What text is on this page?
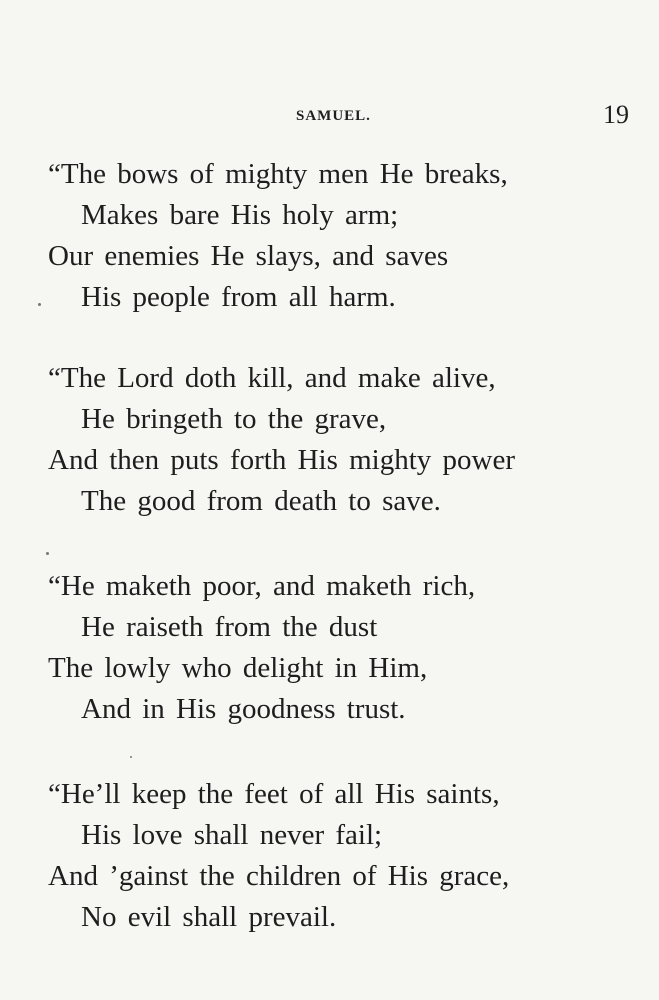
SAMUEL.	19
“The bows of mighty men He breaks,
Makes bare His holy arm;
Our enemies He slays, and saves
His people from all harm.
“The Lord doth kill, and make alive,
He bringeth to the grave,
And then puts forth His mighty power
The good from death to save.
“He maketh poor, and maketh rich,
He raiseth from the dust
The lowly who delight in Him,
And in His goodness trust.
“He’ll keep the feet of all His saints,
His love shall never fail;
And ’gainst the children of His grace,
No evil shall prevail.
